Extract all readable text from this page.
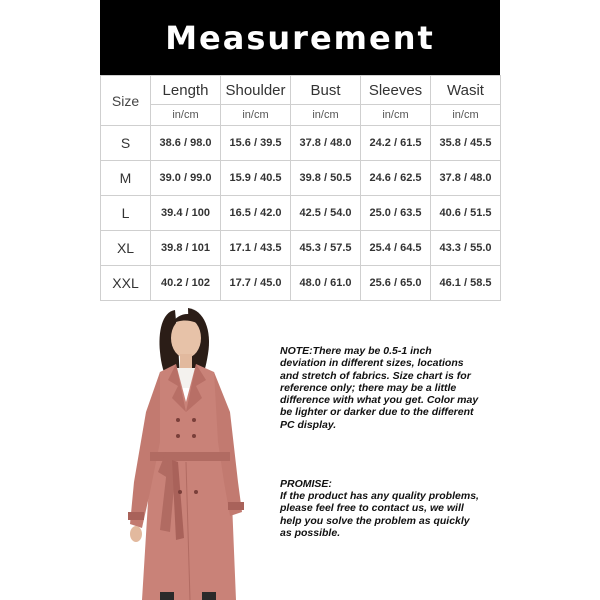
Measurement
Size	Length	Shoulder	Bust	Sleeves	Wasit
	in/cm	in/cm	in/cm	in/cm	in/cm
S	38.6 / 98.0	15.6 / 39.5	37.8 / 48.0	24.2 / 61.5	35.8 / 45.5
M	39.0 / 99.0	15.9 / 40.5	39.8 / 50.5	24.6 / 62.5	37.8 / 48.0
L	39.4 / 100	16.5 / 42.0	42.5 / 54.0	25.0 / 63.5	40.6 / 51.5
XL	39.8 / 101	17.1 / 43.5	45.3 / 57.5	25.4 / 64.5	43.3 / 55.0
XXL	40.2 / 102	17.7 / 45.0	48.0 / 61.0	25.6 / 65.0	46.1 / 58.5
NOTE:There may be 0.5-1 inch deviation in different sizes, locations and stretch of fabrics. Size chart is for reference only; there may be a little difference with what you get. Color may be lighter or darker due to the different PC display.
PROMISE:
If the product has any quality problems, please feel free to contact us, we will help you solve the problem as quickly as possible.
